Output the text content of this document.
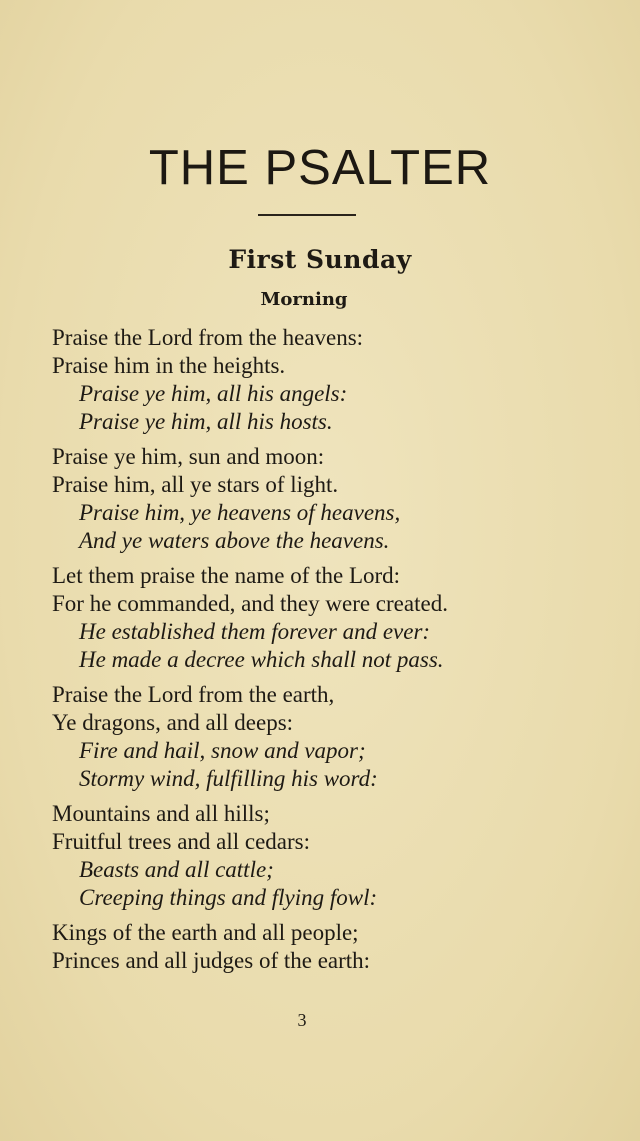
THE PSALTER
First Sunday
Morning
Praise the Lord from the heavens:
Praise him in the heights.
Praise ye him, all his angels:
Praise ye him, all his hosts.
Praise ye him, sun and moon:
Praise him, all ye stars of light.
Praise him, ye heavens of heavens,
And ye waters above the heavens.
Let them praise the name of the Lord:
For he commanded, and they were created.
He established them forever and ever:
He made a decree which shall not pass.
Praise the Lord from the earth,
Ye dragons, and all deeps:
Fire and hail, snow and vapor;
Stormy wind, fulfilling his word:
Mountains and all hills;
Fruitful trees and all cedars:
Beasts and all cattle;
Creeping things and flying fowl:
Kings of the earth and all people;
Princes and all judges of the earth:
3
